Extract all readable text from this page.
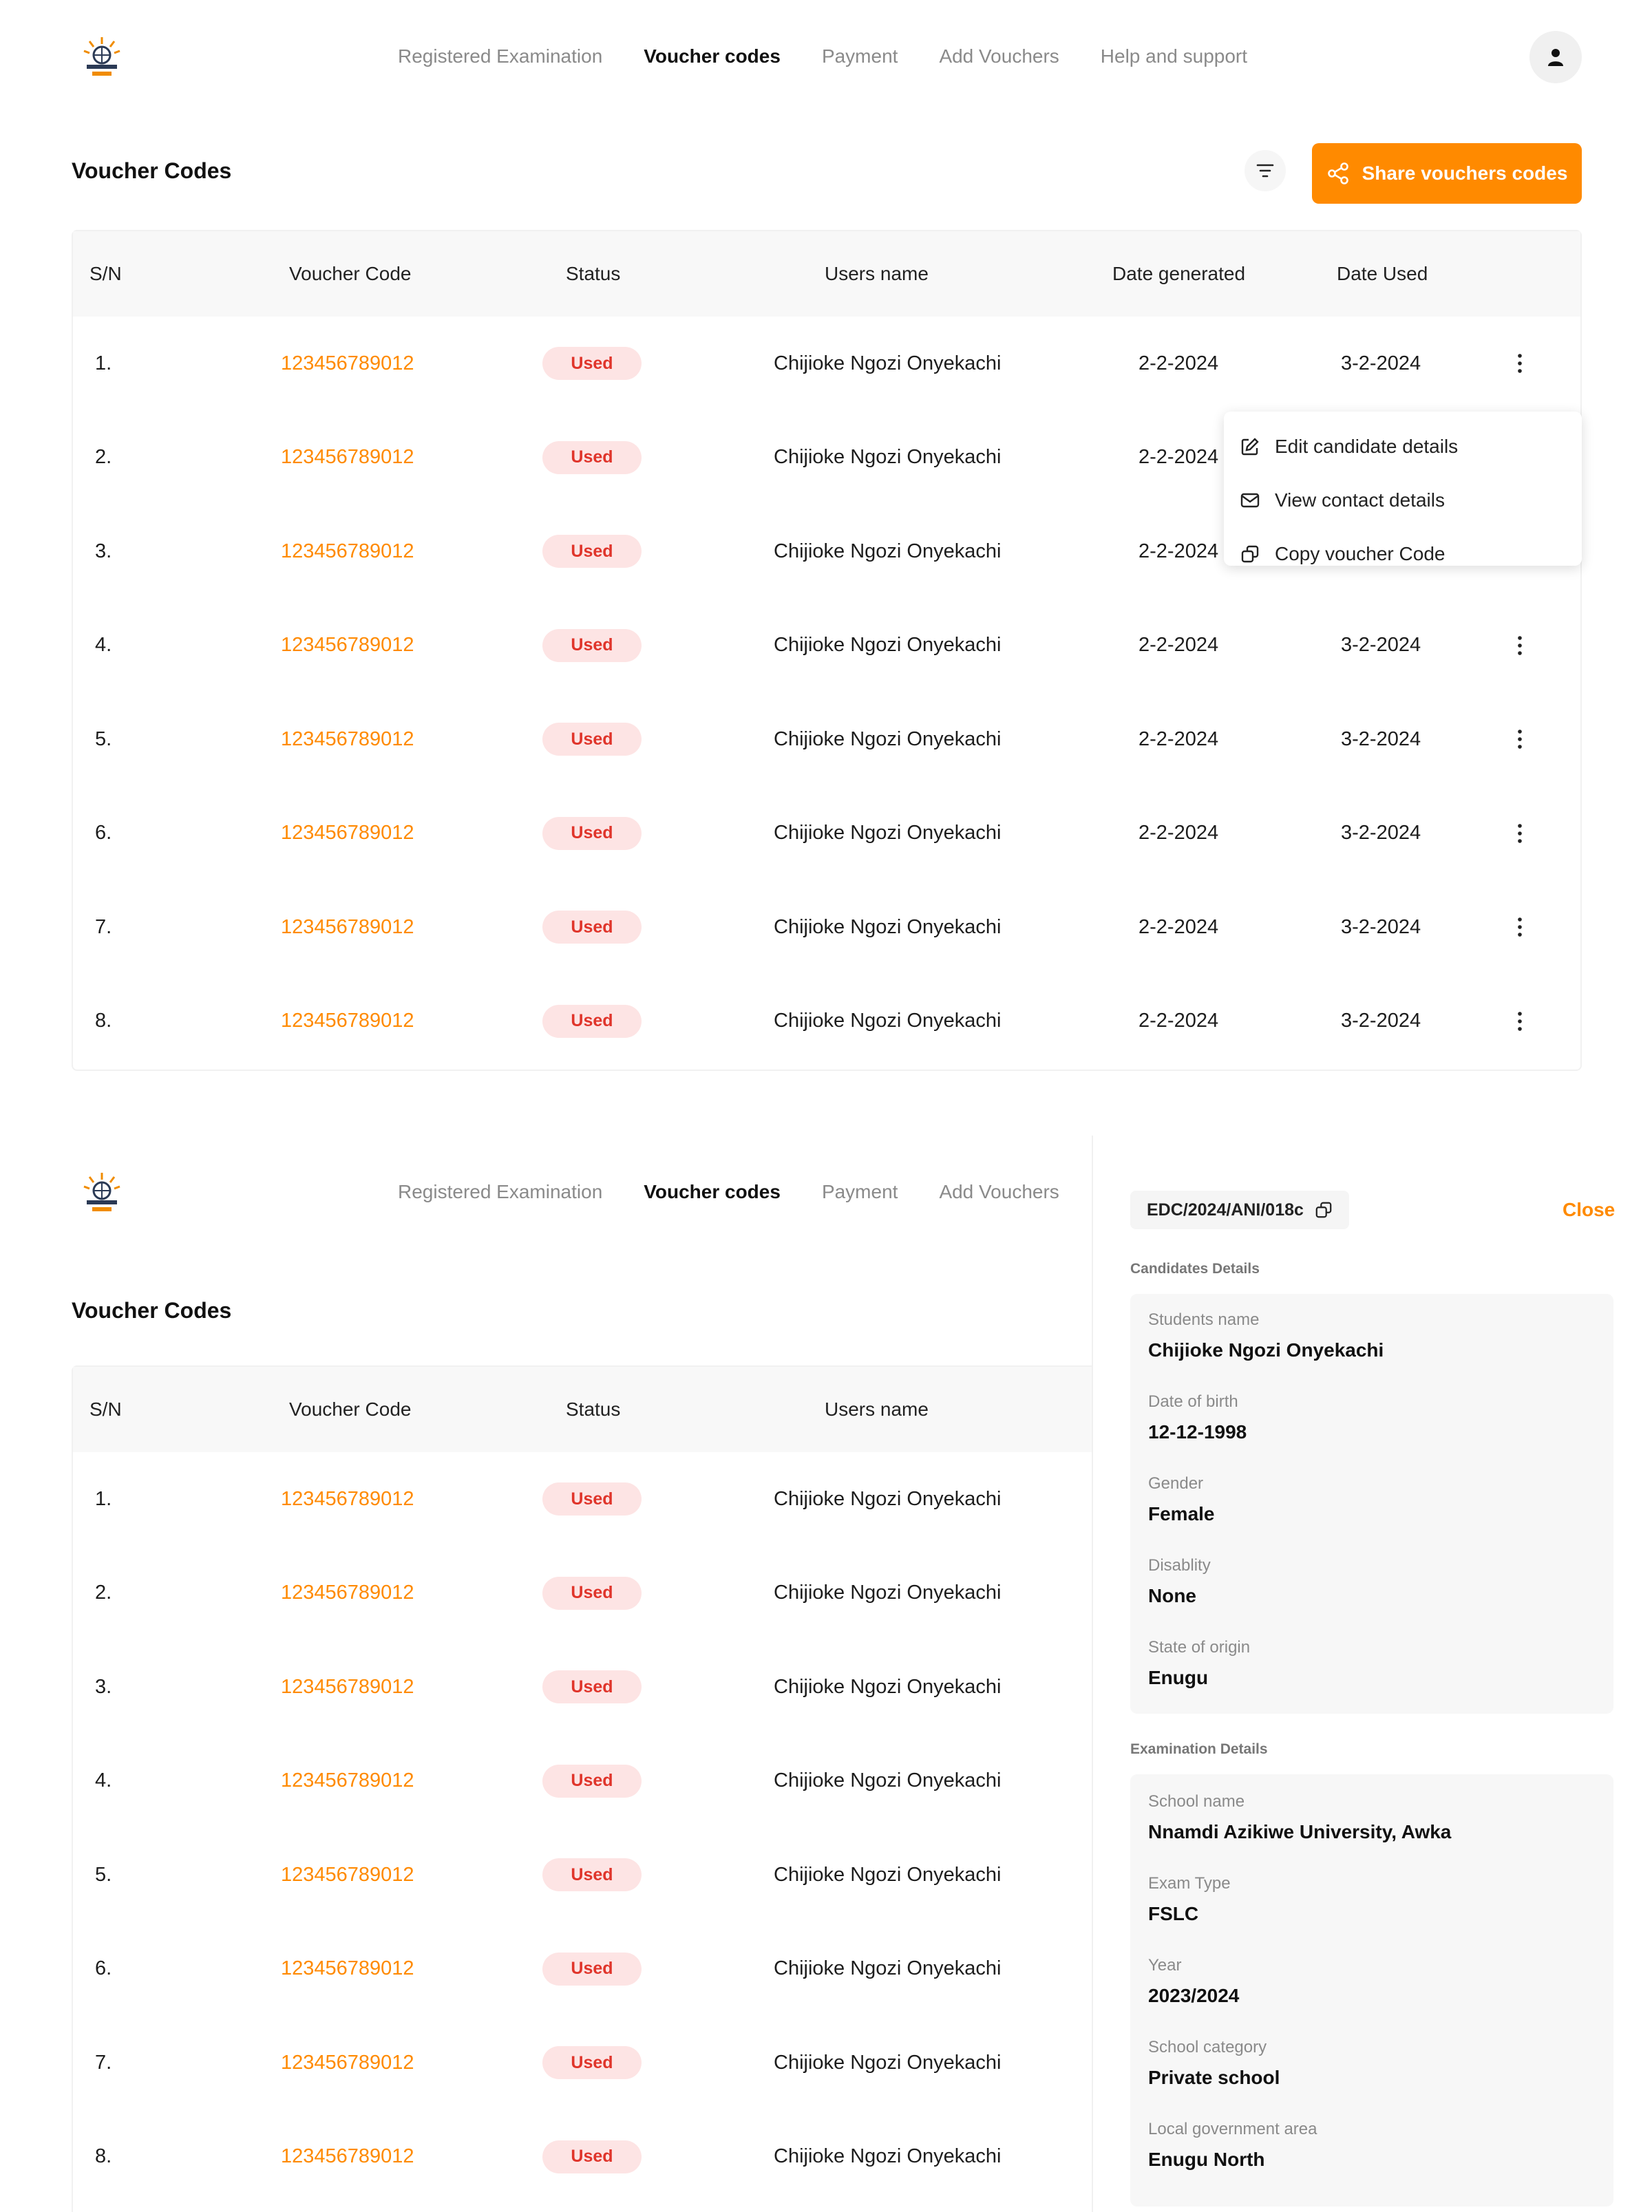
Registered Examination Voucher codes Payment Add Vouchers Help and support
Voucher Codes	Share vouchers codes
S/N	Voucher Code	Status	Users name	Date generated	Date Used
1.	123456789012	Used	Chijioke Ngozi Onyekachi	2-2-2024	3-2-2024
2.	123456789012	Used	Chijioke Ngozi Onyekachi	2-2-2024
3.	123456789012	Used	Chijioke Ngozi Onyekachi	2-2-2024
4.	123456789012	Used	Chijioke Ngozi Onyekachi	2-2-2024	3-2-2024
5.	123456789012	Used	Chijioke Ngozi Onyekachi	2-2-2024	3-2-2024
6.	123456789012	Used	Chijioke Ngozi Onyekachi	2-2-2024	3-2-2024
7.	123456789012	Used	Chijioke Ngozi Onyekachi	2-2-2024	3-2-2024
8.	123456789012	Used	Chijioke Ngozi Onyekachi	2-2-2024	3-2-2024
Edit candidate details
View contact details
Copy voucher Code
Registered Examination Voucher codes Payment Add Vouchers
Voucher Codes
S/N	Voucher Code	Status	Users name
1.	123456789012	Used	Chijioke Ngozi Onyekachi
2.	123456789012	Used	Chijioke Ngozi Onyekachi
3.	123456789012	Used	Chijioke Ngozi Onyekachi
4.	123456789012	Used	Chijioke Ngozi Onyekachi
5.	123456789012	Used	Chijioke Ngozi Onyekachi
6.	123456789012	Used	Chijioke Ngozi Onyekachi
7.	123456789012	Used	Chijioke Ngozi Onyekachi
8.	123456789012	Used	Chijioke Ngozi Onyekachi
EDC/2024/ANI/018c	Close
Candidates Details
Students name
Chijioke Ngozi Onyekachi
Date of birth
12-12-1998
Gender
Female
Disablity
None
State of origin
Enugu
Examination Details
School name
Nnamdi Azikiwe University, Awka
Exam Type
FSLC
Year
2023/2024
School category
Private school
Local government area
Enugu North
